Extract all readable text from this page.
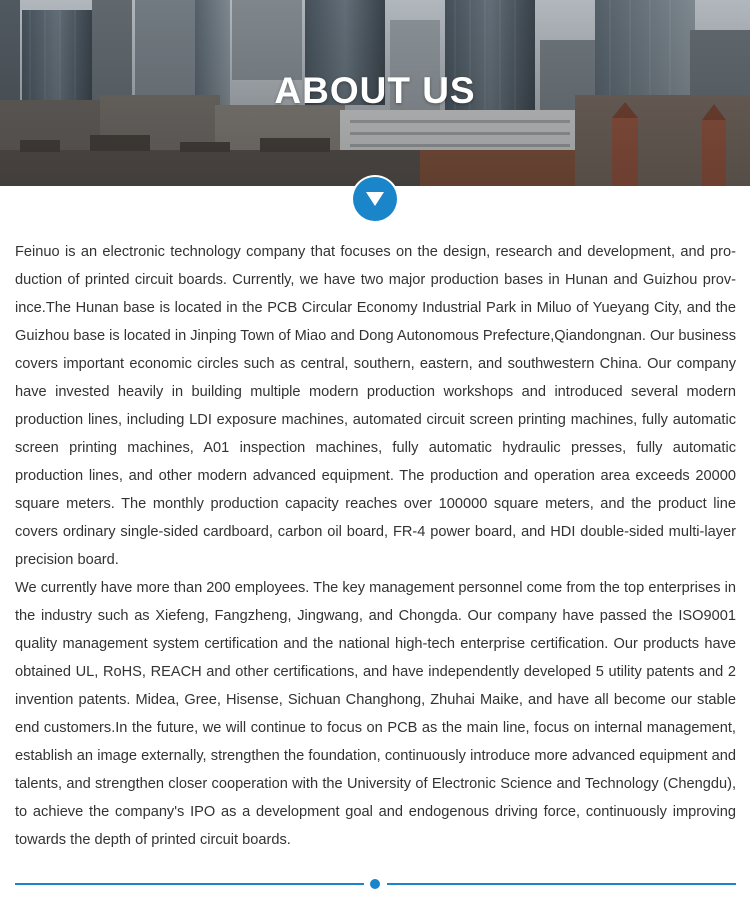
ABOUT US

Feinuo is an electronic technology company that focuses on the design, research and development, and production of printed circuit boards. Currently, we have two major production bases in Hunan and Guizhou province.The Hunan base is located in the PCB Circular Economy Industrial Park in Miluo of Yueyang City, and the Guizhou base is located in Jinping Town of Miao and Dong Autonomous Prefecture,Qiandongnan. Our business covers important economic circles such as central, southern, eastern, and southwestern China. Our company have invested heavily in building multiple modern production workshops and introduced several modern production lines, including LDI exposure machines, automated circuit screen printing machines, fully automatic screen printing machines, A01 inspection machines, fully automatic hydraulic presses, fully automatic production lines, and other modern advanced equipment. The production and operation area exceeds 20000 square meters. The monthly production capacity reaches over 100000 square meters, and the product line covers ordinary single-sided cardboard, carbon oil board, FR-4 power board, and HDI double-sided multi-layer precision board.

We currently have more than 200 employees. The key management personnel come from the top enterprises in the industry such as Xiefeng, Fangzheng, Jingwang, and Chongda. Our company have passed the ISO9001 quality management system certification and the national high-tech enterprise certification. Our products have obtained UL, RoHS, REACH and other certifications, and have independently developed 5 utility patents and 2 invention patents. Midea, Gree, Hisense, Sichuan Changhong, Zhuhai Maike, and have all become our stable end customers.In the future, we will continue to focus on PCB as the main line, focus on internal management, establish an image externally, strengthen the foundation, continuously introduce more advanced equipment and talents, and strengthen closer cooperation with the University of Electronic Science and Technology (Chengdu), to achieve the company's IPO as a development goal and endogenous driving force, continuously improving towards the depth of printed circuit boards.
